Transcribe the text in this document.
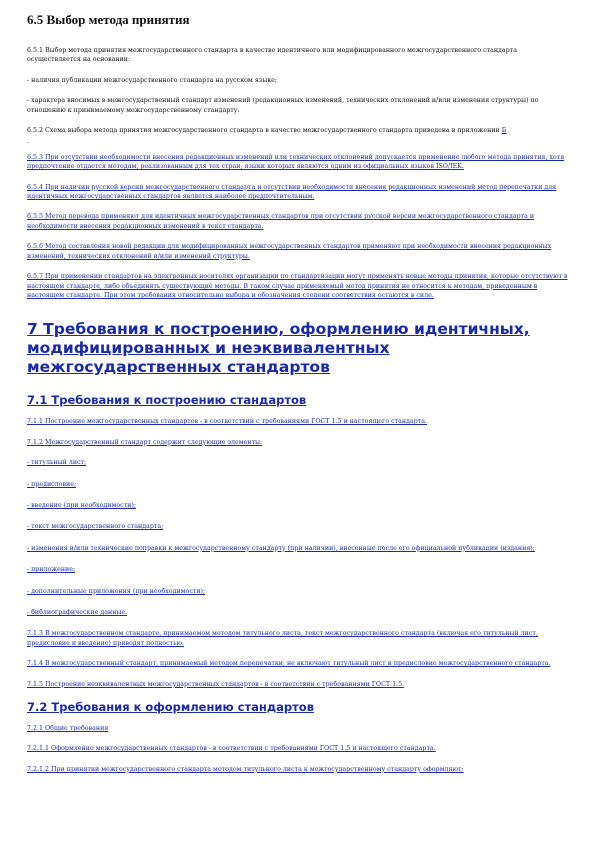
6.5 Выбор метода принятия

6.5.1 Выбор метода принятия межгосударственного стандарта в качестве идентичного или модифицированного межгосударственного стандарта осуществляется на основании:

- наличия публикации межгосударственного стандарта на русском языке;

- характера вносимых в межгосударственный стандарт изменений (редакционных изменений, технических отклонений и/или изменения структуры) по отношению к принимаемому межгосударственному стандарту.

6.5.2 Схема выбора метода принятия межгосударственного стандарта в качестве межгосударственного стандарта приведена в приложении Б

.

6.5.3 При отсутствии необходимости внесения редакционных изменений или технических отклонений допускается применение любого метода принятия, хотя предпочтение отдается методам, реализованным для тех стран, языки которых являются одним из официальных языков ISO/IEK.

6.5.4 При наличии русской версии межгосударственного стандарта и отсутствии необходимости внесения редакционных изменений метод перепечатки для идентичных межгосударственных стандартов является наиболее предпочтительным.

6.5.5 Метод перевода применяют для идентичных межгосударственных стандартов при отсутствии русской версии межгосударственного стандарта и необходимости внесения редакционных изменений в текст стандарта.

6.5.6 Метод составления новой редакции для модифицированных межгосударственных стандартов применяют при необходимости внесения редакционных изменений, технических отклонений и/или изменений структуры.

6.5.7 При применении стандартов на электронных носителях организации по стандартизации могут применять новые методы принятия, которые отсутствуют в настоящем стандарте, либо объединять существующие методы. В таком случае применяемый метод принятия не относится к методам, приведенным в настоящем стандарте. При этом требования относительно выбора и обозначения степени соответствия остаются в силе.

7 Требования к построению, оформлению идентичных, модифицированных и неэквивалентных межгосударственных стандартов
7.1 Требования к построению стандартов

7.1.1 Построение межгосударственных стандартов - в соответствии с требованиями ГОСТ 1.5 и настоящего стандарта.

7.1.2 Межгосударственный стандарт содержит следующие элементы:

- титульный лист;

- предисловие;

- введение (при необходимости);

- текст межгосударственного стандарта;

- изменения и/или технические поправки к межгосударственному стандарту (при наличии), внесенные после его официальной публикации (издания);

- приложение;

- дополнительные приложения (при необходимости);

- библиографические данные.

7.1.3 В межгосударственном стандарте, принимаемом методом титульного листа, текст межгосударственного стандарта (включая его титульный лист, предисловие и введение) приводят полностью.

7.1.4 В межгосударственный стандарт, принимаемый методом перепечатки, не включают титульный лист и предисловие межгосударственного стандарта.

7.1.5 Построение неэквивалентных межгосударственных стандартов - в соответствии с требованиями ГОСТ 1.5.

7.2 Требования к оформлению стандартов

7.2.1 Общие требования

7.2.1.1 Оформление межгосударственных стандартов - в соответствии с требованиями ГОСТ 1.5 и настоящего стандарта.

7.2.1.2 При принятии межгосударственного стандарта методом титульного листа к межгосударственному стандарту оформляют:
